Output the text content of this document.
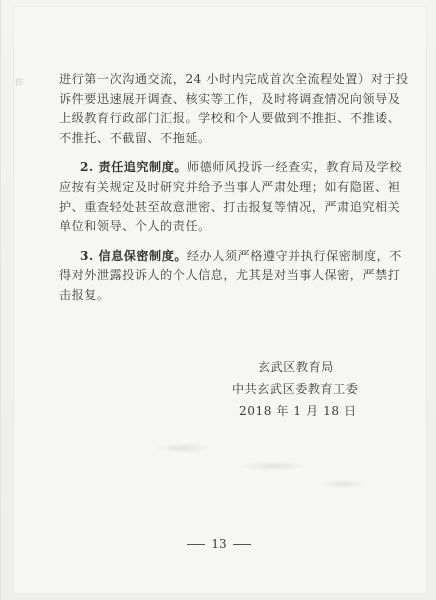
许	进行第一次沟通交流，24 小时内完成首次全流程处置）对于投
诉件要迅速展开调查、核实等工作，及时将调查情况向领导及
上级教育行政部门汇报。学校和个人要做到不推拒、不推诿、
不推托、不截留、不拖延。
2. 责任追究制度。师德师风投诉一经查实，教育局及学校
应按有关规定及时研究并给予当事人严肃处理；如有隐匿、袒
护、重查轻处甚至故意泄密、打击报复等情况，严肃追究相关
单位和领导、个人的责任。
3. 信息保密制度。经办人须严格遵守并执行保密制度，不
得对外泄露投诉人的个人信息，尤其是对当事人保密，严禁打
击报复。
玄武区教育局
中共玄武区委教育工委
2018 年 1 月 18 日
13
